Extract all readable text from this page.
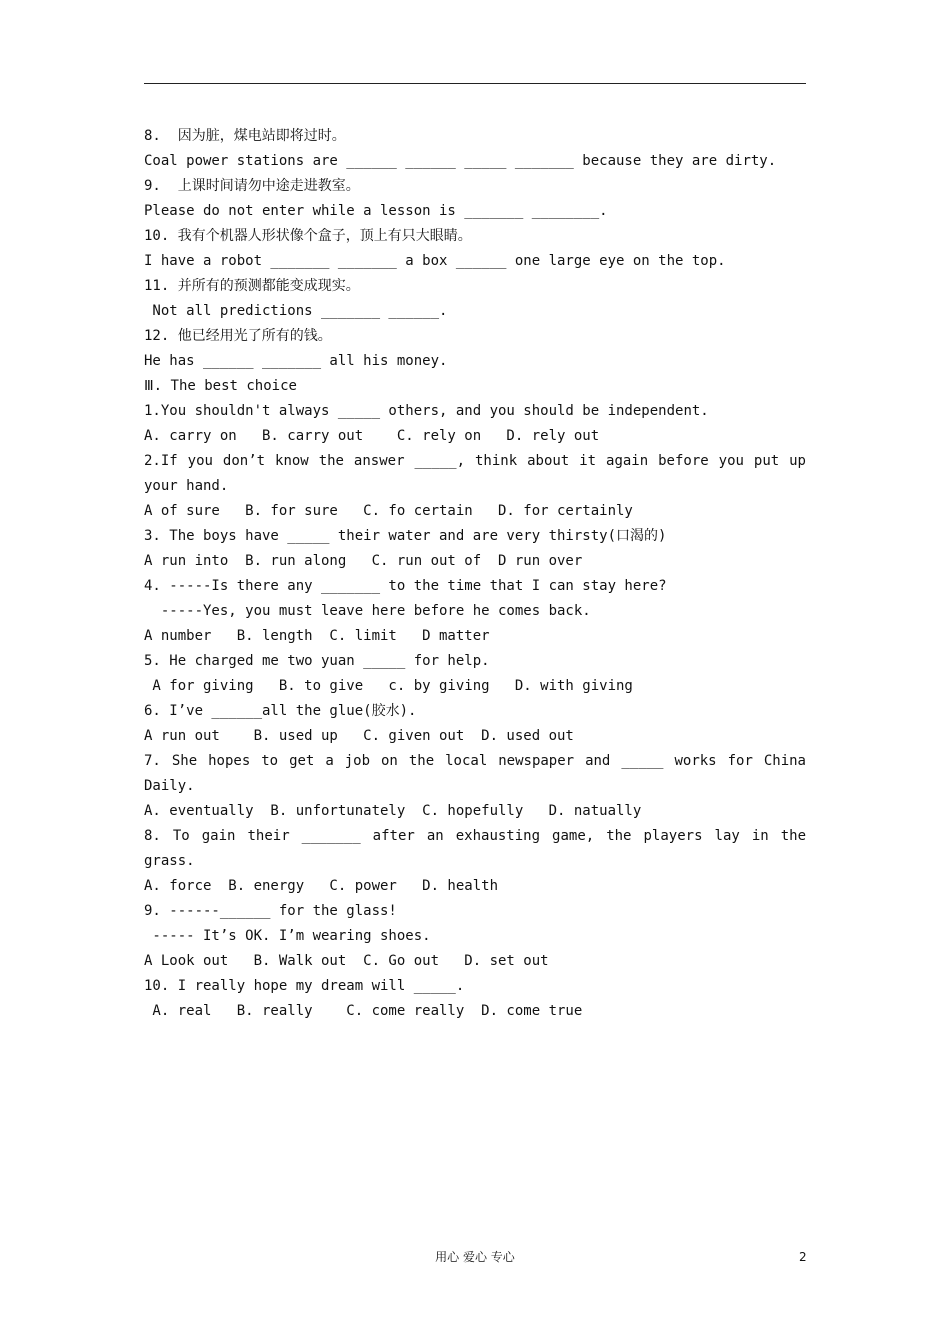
8.  因为脏，煤电站即将过时。
Coal power stations are ______ ______ _____ _______ because they are dirty.
9.  上课时间请勿中途走进教室。
Please do not enter while a lesson is _______ ________.
10. 我有个机器人形状像个盒子，顶上有只大眼睛。
I have a robot _______ _______ a box ______ one large eye on the top.
11. 并所有的预测都能变成现实。
Not all predictions _______ ______.
12. 他已经用光了所有的钱。
He has ______ _______ all his money.
Ⅲ. The best choice
1.You shouldn't always _____ others, and you should be independent.
A. carry on   B. carry out    C. rely on   D. rely out
2.If you don’t know the answer _____, think about it again before you put up
your hand.
A of sure   B. for sure   C. fo certain   D. for certainly
3. The boys have _____ their water and are very thirsty(口渴的)
A run into  B. run along   C. run out of  D run over
4. -----Is there any _______ to the time that I can stay here?
-----Yes, you must leave here before he comes back.
A number   B. length  C. limit   D matter
5. He charged me two yuan _____ for help.
A for giving   B. to give   c. by giving   D. with giving
6. I’ve ______all the glue(胶水).
A run out    B. used up   C. given out  D. used out
7. She hopes to get a job on the local newspaper and _____ works for China
Daily.
A. eventually  B. unfortunately  C. hopefully   D. natually
8. To gain their _______ after an exhausting game, the players lay in the
grass.
A. force  B. energy   C. power   D. health
9. ------______ for the glass!
----- It’s OK. I’m wearing shoes.
A Look out   B. Walk out  C. Go out   D. set out
10. I really hope my dream will _____.
A. real   B. really    C. come really  D. come true
用心 爱心 专心	2
